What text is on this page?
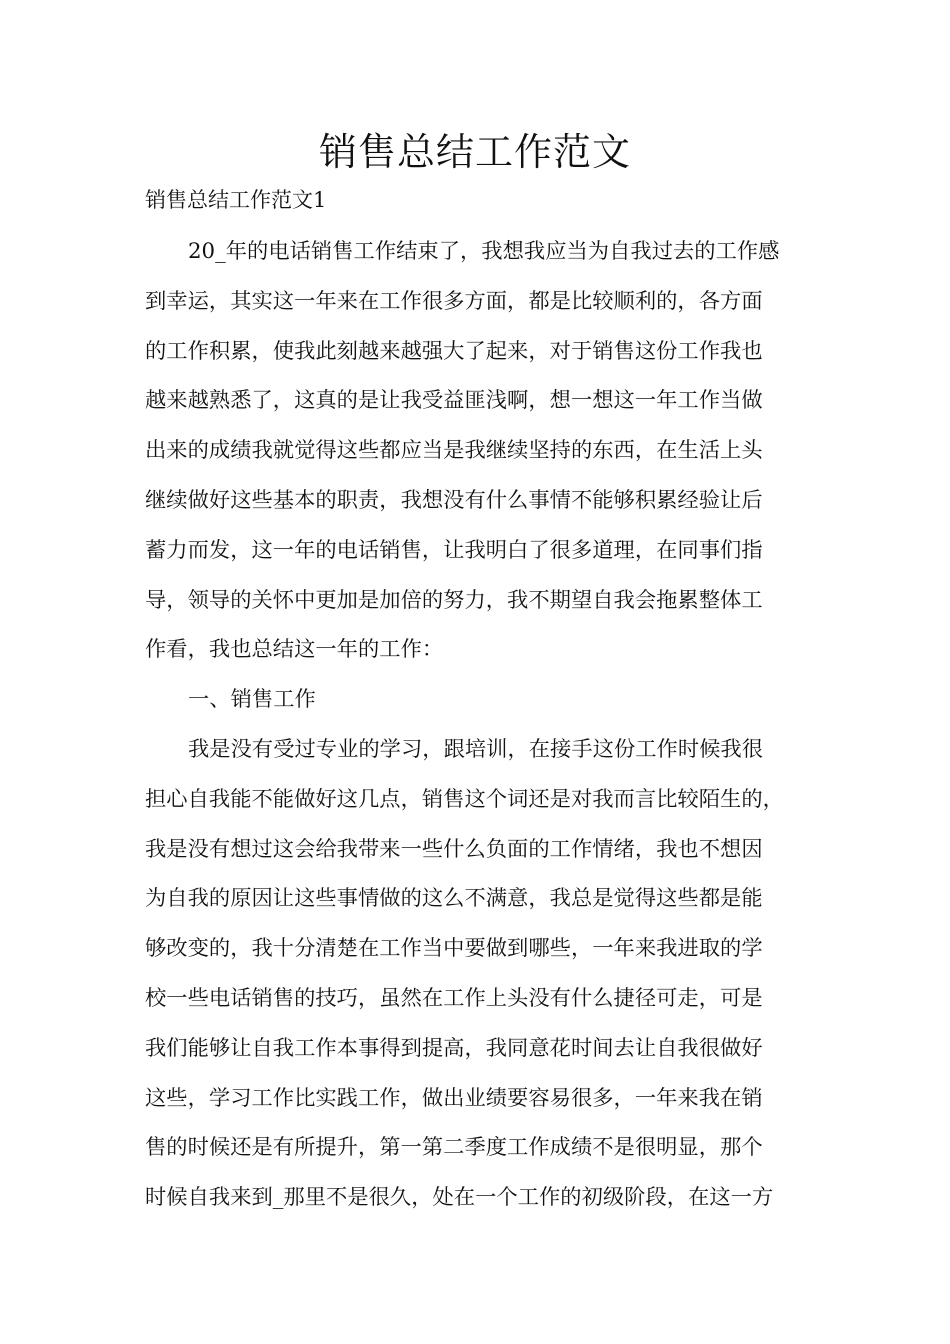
销售总结工作范文

销售总结工作范文1

20_年的电话销售工作结束了，我想我应当为自我过去的工作感
到幸运，其实这一年来在工作很多方面，都是比较顺利的，各方面
的工作积累，使我此刻越来越强大了起来，对于销售这份工作我也
越来越熟悉了，这真的是让我受益匪浅啊，想一想这一年工作当做
出来的成绩我就觉得这些都应当是我继续坚持的东西，在生活上头
继续做好这些基本的职责，我想没有什么事情不能够积累经验让后
蓄力而发，这一年的电话销售，让我明白了很多道理，在同事们指
导，领导的关怀中更加是加倍的努力，我不期望自我会拖累整体工
作看，我也总结这一年的工作：
一、销售工作
我是没有受过专业的学习，跟培训，在接手这份工作时候我很
担心自我能不能做好这几点，销售这个词还是对我而言比较陌生的，
我是没有想过这会给我带来一些什么负面的工作情绪，我也不想因
为自我的原因让这些事情做的这么不满意，我总是觉得这些都是能
够改变的，我十分清楚在工作当中要做到哪些，一年来我进取的学
校一些电话销售的技巧，虽然在工作上头没有什么捷径可走，可是
我们能够让自我工作本事得到提高，我同意花时间去让自我很做好
这些，学习工作比实践工作，做出业绩要容易很多，一年来我在销
售的时候还是有所提升，第一第二季度工作成绩不是很明显，那个
时候自我来到_那里不是很久，处在一个工作的初级阶段，在这一方
